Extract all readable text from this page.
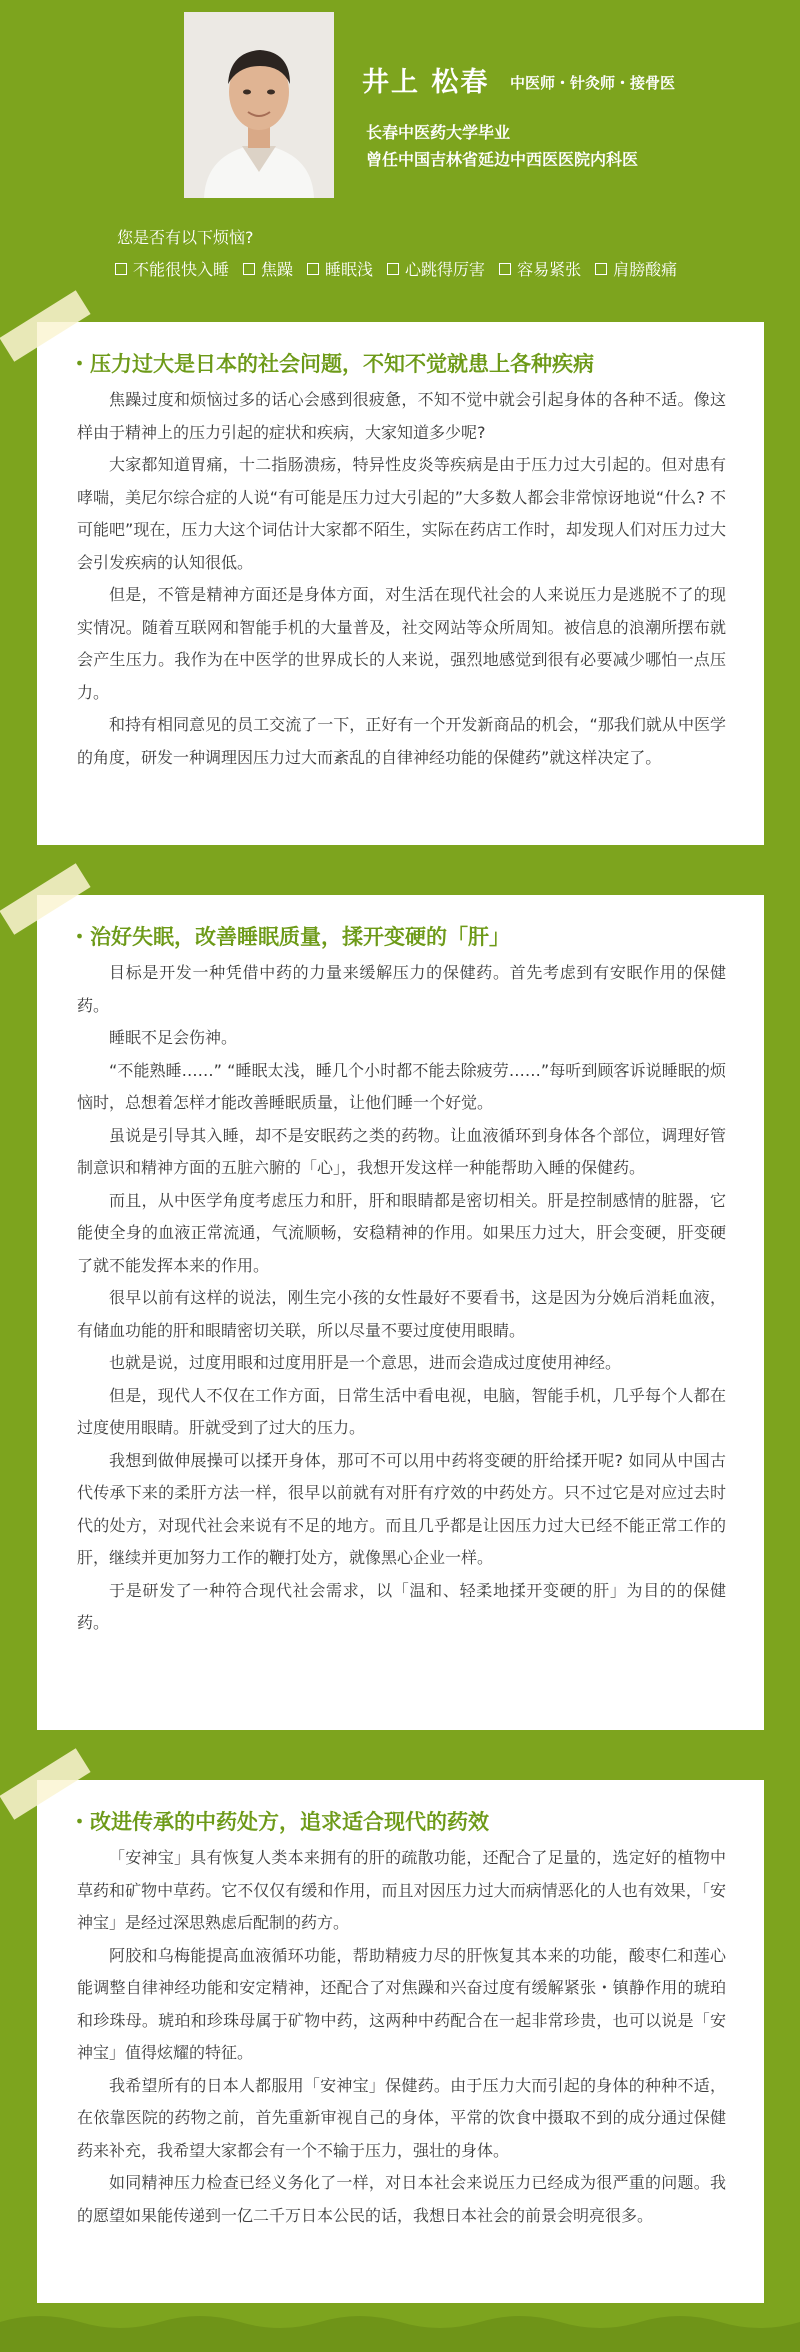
井上 松春 中医师・针灸师・接骨医
长春中医药大学毕业
曾任中国吉林省延边中西医医院内科医
您是否有以下烦恼?
不能很快入睡 焦躁 睡眠浅 心跳得厉害 容易紧张 肩膀酸痛
・压力过大是日本的社会问题，不知不觉就患上各种疾病

焦躁过度和烦恼过多的话心会感到很疲惫，不知不觉中就会引起身体的各种不适。像这样由于精神上的压力引起的症状和疾病，大家知道多少呢?

大家都知道胃痛，十二指肠溃疡，特异性皮炎等疾病是由于压力过大引起的。但对患有哮喘，美尼尔综合症的人说“有可能是压力过大引起的”大多数人都会非常惊讶地说“什么? 不可能吧”现在，压力大这个词估计大家都不陌生，实际在药店工作时，却发现人们对压力过大会引发疾病的认知很低。

但是，不管是精神方面还是身体方面，对生活在现代社会的人来说压力是逃脱不了的现实情况。随着互联网和智能手机的大量普及，社交网站等众所周知。被信息的浪潮所摆布就会产生压力。我作为在中医学的世界成长的人来说，强烈地感觉到很有必要减少哪怕一点压力。

和持有相同意见的员工交流了一下，正好有一个开发新商品的机会，“那我们就从中医学的角度，研发一种调理因压力过大而紊乱的自律神经功能的保健药”就这样决定了。

・治好失眠，改善睡眠质量，揉开变硬的「肝」

目标是开发一种凭借中药的力量来缓解压力的保健药。首先考虑到有安眠作用的保健药。

睡眠不足会伤神。

“不能熟睡……” “睡眠太浅，睡几个小时都不能去除疲劳……”每听到顾客诉说睡眠的烦恼时，总想着怎样才能改善睡眠质量，让他们睡一个好觉。

虽说是引导其入睡，却不是安眠药之类的药物。让血液循环到身体各个部位，调理好管制意识和精神方面的五脏六腑的「心」，我想开发这样一种能帮助入睡的保健药。

而且，从中医学角度考虑压力和肝，肝和眼睛都是密切相关。肝是控制感情的脏器，它能使全身的血液正常流通，气流顺畅，安稳精神的作用。如果压力过大，肝会变硬，肝变硬了就不能发挥本来的作用。

很早以前有这样的说法，刚生完小孩的女性最好不要看书，这是因为分娩后消耗血液，有储血功能的肝和眼睛密切关联，所以尽量不要过度使用眼睛。

也就是说，过度用眼和过度用肝是一个意思，进而会造成过度使用神经。

但是，现代人不仅在工作方面，日常生活中看电视，电脑，智能手机，几乎每个人都在过度使用眼睛。肝就受到了过大的压力。

我想到做伸展操可以揉开身体，那可不可以用中药将变硬的肝给揉开呢? 如同从中国古代传承下来的柔肝方法一样，很早以前就有对肝有疗效的中药处方。只不过它是对应过去时代的处方，对现代社会来说有不足的地方。而且几乎都是让因压力过大已经不能正常工作的肝，继续并更加努力工作的鞭打处方，就像黑心企业一样。

于是研发了一种符合现代社会需求，以「温和、轻柔地揉开变硬的肝」为目的的保健药。

・改进传承的中药处方，追求适合现代的药效

「安神宝」具有恢复人类本来拥有的肝的疏散功能，还配合了足量的，选定好的植物中草药和矿物中草药。它不仅仅有缓和作用，而且对因压力过大而病情恶化的人也有效果，「安神宝」是经过深思熟虑后配制的药方。

阿胶和乌梅能提高血液循环功能，帮助精疲力尽的肝恢复其本来的功能，酸枣仁和莲心能调整自律神经功能和安定精神，还配合了对焦躁和兴奋过度有缓解紧张・镇静作用的琥珀和珍珠母。琥珀和珍珠母属于矿物中药，这两种中药配合在一起非常珍贵，也可以说是「安神宝」值得炫耀的特征。

我希望所有的日本人都服用「安神宝」保健药。由于压力大而引起的身体的种种不适，在依靠医院的药物之前，首先重新审视自己的身体，平常的饮食中摄取不到的成分通过保健药来补充，我希望大家都会有一个不输于压力，强壮的身体。

如同精神压力检查已经义务化了一样，对日本社会来说压力已经成为很严重的问题。我的愿望如果能传递到一亿二千万日本公民的话，我想日本社会的前景会明亮很多。
